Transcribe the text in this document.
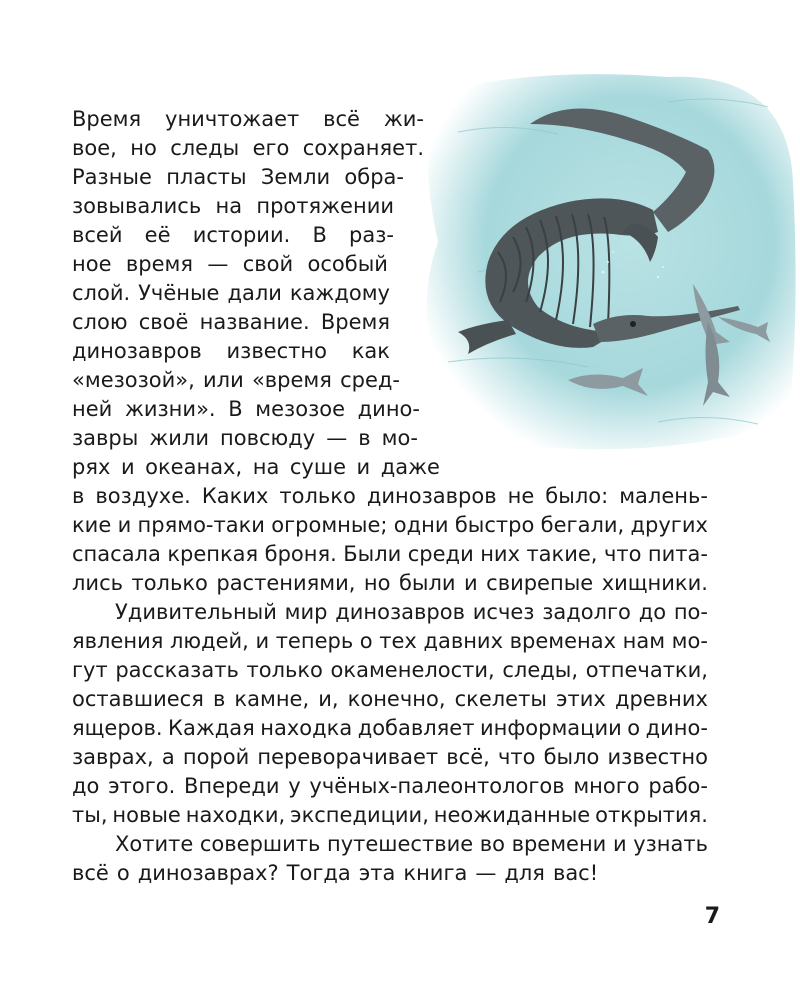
Время уничтожает всё жи-
вое, но следы его сохраняет.
Разные пласты Земли обра-
зовывались на протяжении
всей её истории. В раз-
ное время — свой особый
слой. Учёные дали каждому
слою своё название. Время
динозавров известно как
«мезозой», или «время сред-
ней жизни». В мезозое дино-
завры жили повсюду — в мо-
рях и океанах, на суше и даже
в воздухе. Каких только динозавров не было: малень-
кие и прямо-таки огромные; одни быстро бегали, других
спасала крепкая броня. Были среди них такие, что пита-
лись только растениями, но были и свирепые хищники.
Удивительный мир динозавров исчез задолго до по-
явления людей, и теперь о тех давних временах нам мо-
гут рассказать только окаменелости, следы, отпечатки,
оставшиеся в камне, и, конечно, скелеты этих древних
ящеров. Каждая находка добавляет информации о дино-
заврах, а порой переворачивает всё, что было известно
до этого. Впереди у учёных-палеонтологов много рабо-
ты, новые находки, экспедиции, неожиданные открытия.
Хотите совершить путешествие во времени и узнать
всё о динозаврах? Тогда эта книга — для вас!
7
